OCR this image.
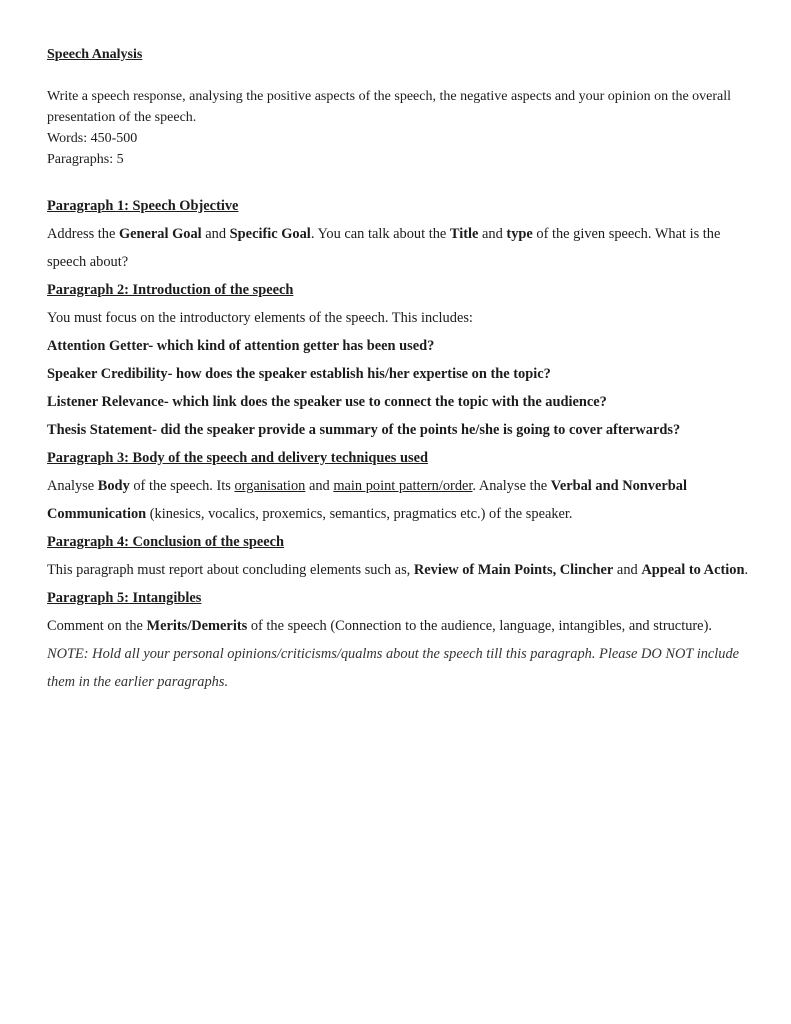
Speech Analysis

Write a speech response, analysing the positive aspects of the speech, the negative aspects and your opinion on the overall presentation of the speech.

Words: 450-500

Paragraphs: 5

Paragraph 1: Speech Objective

Address the General Goal and Specific Goal. You can talk about the Title and type of the given speech. What is the speech about?

Paragraph 2: Introduction of the speech

You must focus on the introductory elements of the speech. This includes:

Attention Getter- which kind of attention getter has been used?

Speaker Credibility- how does the speaker establish his/her expertise on the topic?

Listener Relevance- which link does the speaker use to connect the topic with the audience?

Thesis Statement- did the speaker provide a summary of the points he/she is going to cover afterwards?

Paragraph 3: Body of the speech and delivery techniques used

Analyse Body of the speech. Its organisation and main point pattern/order. Analyse the Verbal and Nonverbal Communication (kinesics, vocalics, proxemics, semantics, pragmatics etc.) of the speaker.

Paragraph 4: Conclusion of the speech

This paragraph must report about concluding elements such as, Review of Main Points, Clincher and Appeal to Action.

Paragraph 5: Intangibles

Comment on the Merits/Demerits of the speech (Connection to the audience, language, intangibles, and structure).

NOTE: Hold all your personal opinions/criticisms/qualms about the speech till this paragraph. Please DO NOT include them in the earlier paragraphs.
